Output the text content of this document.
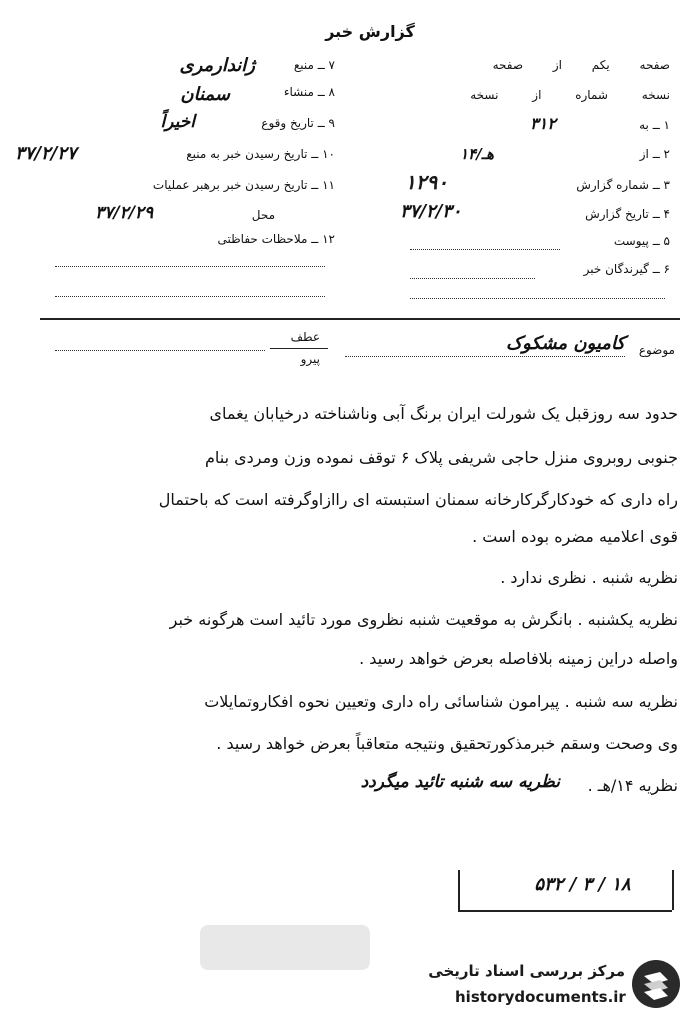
گزارش خبر
۷ ــ منبع
ژاندارمری
۸ ــ منشاء
سمنان
۹ ــ تاریخ وقوع
اخیراً
۱۰ ــ تاریخ رسیدن خبر به منبع
۳۷/۲/۲۷
۱۱ ــ تاریخ رسیدن خبر برهبر عملیات
محل
۳۷/۲/۲۹
۱۲ ــ ملاحظات حفاظتی
صفحه یکم از صفحه
نسخه شماره از نسخه
۱ ــ به
۳۱۲
۲ ــ از
۱۴/هـ
۳ ــ شماره گزارش
۱۲۹۰
۴ ــ تاریخ گزارش
۳۷/۲/۳۰
۵ ــ پیوست
۶ ــ گیرندگان خبر
موضوع
کامیون مشکوک
عطف
پیرو
حدود سه روزقبل یک شورلت ایران برنگ آبی وناشناخته درخیابان یغمای
جنوبی روبروی منزل حاجی شریفی پلاک ۶ توقف نموده وزن ومردی بنام
راه داری که خودکارگرکارخانه سمنان استبسته ای راازاوگرفته است که باحتمال
قوی اعلامیه مضره بوده است .
نظریه شنبه . نظری ندارد .
نظریه یکشنبه . بانگرش به موقعیت شنبه نظروی مورد تائید است هرگونه خبر
واصله دراین زمینه بلافاصله بعرض خواهد رسید .
نظریه سه شنبه . پیرامون شناسائی راه داری وتعیین نحوه افکاروتمایلات
وی وصحت وسقم خبرمذکورتحقیق ونتیجه متعاقباً بعرض خواهد رسید .
نظریه ۱۴/هـ .
نظریه سه شنبه تائید میگردد
۵۳۲ / ۳ / ۱۸
مرکز بررسی اسناد تاریخی
historydocuments.ir
